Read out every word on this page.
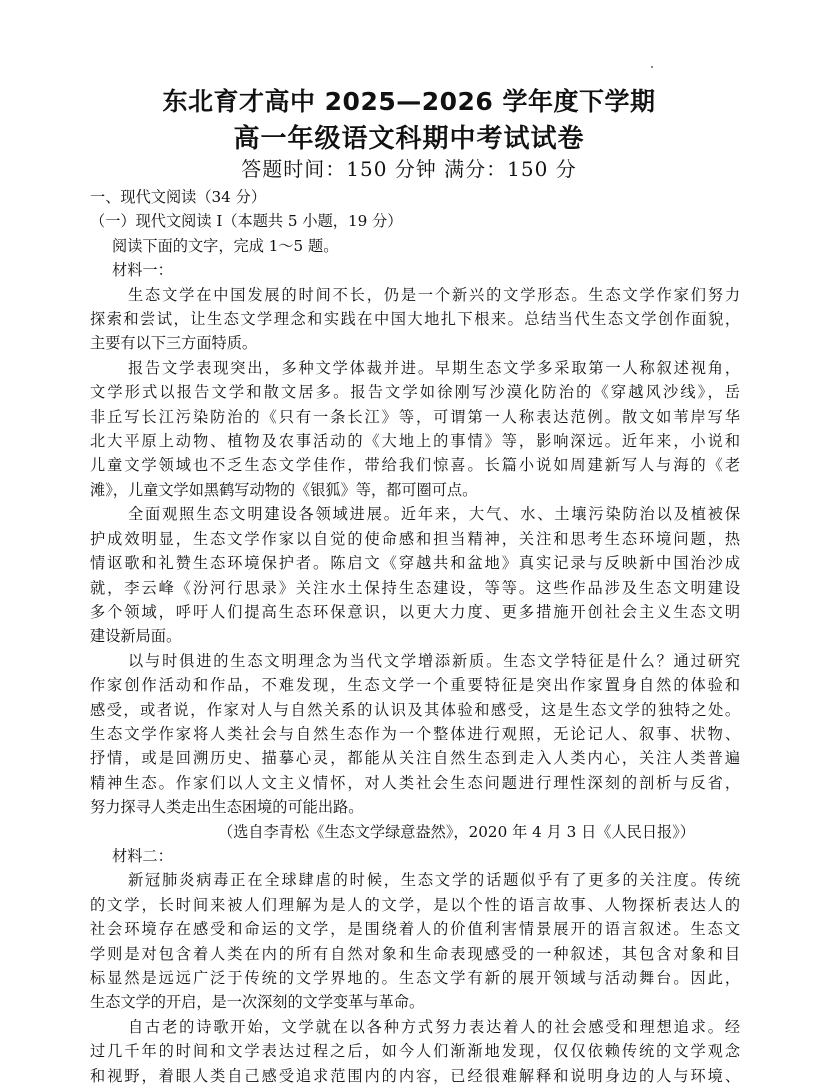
东北育才高中 2025—2026 学年度下学期
高一年级语文科期中考试试卷
答题时间：150 分钟 满分：150 分

一、现代文阅读（34 分）

（一）现代文阅读 I（本题共 5 小题，19 分）

阅读下面的文字，完成 1～5 题。

材料一：

生态文学在中国发展的时间不长，仍是一个新兴的文学形态。生态文学作家们努力

探索和尝试，让生态文学理念和实践在中国大地扎下根来。总结当代生态文学创作面貌，

主要有以下三方面特质。

报告文学表现突出，多种文学体裁并进。早期生态文学多采取第一人称叙述视角，

文学形式以报告文学和散文居多。报告文学如徐刚写沙漠化防治的《穿越风沙线》，岳

非丘写长江污染防治的《只有一条长江》等，可谓第一人称表达范例。散文如苇岸写华

北大平原上动物、植物及农事活动的《大地上的事情》等，影响深远。近年来，小说和

儿童文学领域也不乏生态文学佳作，带给我们惊喜。长篇小说如周建新写人与海的《老

滩》，儿童文学如黑鹤写动物的《银狐》等，都可圈可点。

全面观照生态文明建设各领域进展。近年来，大气、水、土壤污染防治以及植被保

护成效明显，生态文学作家以自觉的使命感和担当精神，关注和思考生态环境问题，热

情讴歌和礼赞生态环境保护者。陈启文《穿越共和盆地》真实记录与反映新中国治沙成

就，李云峰《汾河行思录》关注水土保持生态建设，等等。这些作品涉及生态文明建设

多个领域，呼吁人们提高生态环保意识，以更大力度、更多措施开创社会主义生态文明

建设新局面。

以与时俱进的生态文明理念为当代文学增添新质。生态文学特征是什么？通过研究

作家创作活动和作品，不难发现，生态文学一个重要特征是突出作家置身自然的体验和

感受，或者说，作家对人与自然关系的认识及其体验和感受，这是生态文学的独特之处。

生态文学作家将人类社会与自然生态作为一个整体进行观照，无论记人、叙事、状物、

抒情，或是回溯历史、描摹心灵，都能从关注自然生态到走入人类内心，关注人类普遍

精神生态。作家们以人文主义情怀，对人类社会生态问题进行理性深刻的剖析与反省，

努力探寻人类走出生态困境的可能出路。

（选自李青松《生态文学绿意盎然》，2020 年 4 月 3 日《人民日报》）

材料二：

新冠肺炎病毒正在全球肆虐的时候，生态文学的话题似乎有了更多的关注度。传统

的文学，长时间来被人们理解为是人的文学，是以个性的语言故事、人物探析表达人的

社会环境存在感受和命运的文学，是围绕着人的价值利害情景展开的语言叙述。生态文

学则是对包含着人类在内的所有自然对象和生命表现感受的一种叙述，其包含对象和目

标显然是远远广泛于传统的文学界地的。生态文学有新的展开领域与活动舞台。因此，

生态文学的开启，是一次深刻的文学变革与革命。

自古老的诗歌开始，文学就在以各种方式努力表达着人的社会感受和理想追求。经

过几千年的时间和文学表达过程之后，如今人们渐渐地发现，仅仅依赖传统的文学观念

和视野，着眼人类自己感受追求范围内的内容，已经很难解释和说明身边的人与环境、
